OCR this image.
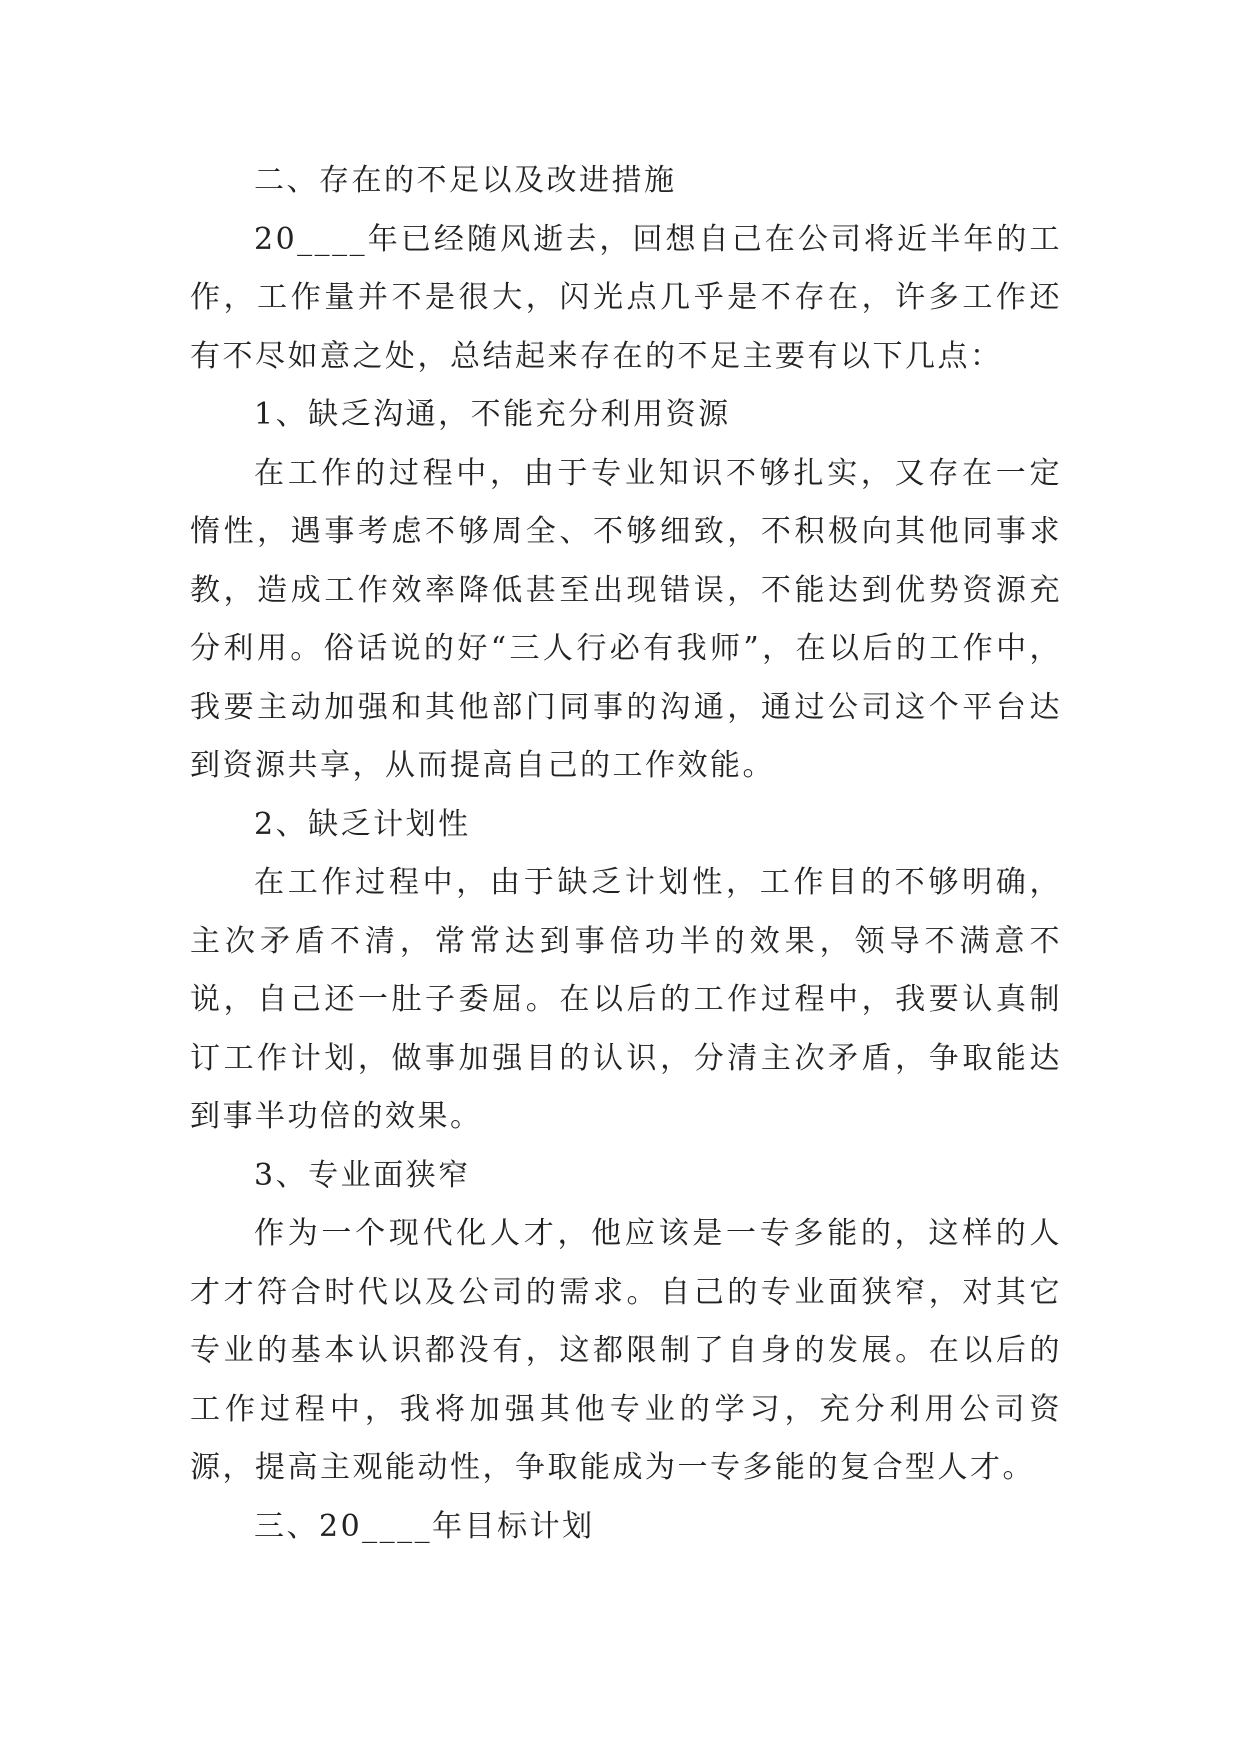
二、存在的不足以及改进措施

20____年已经随风逝去，回想自己在公司将近半年的工作，工作量并不是很大，闪光点几乎是不存在，许多工作还有不尽如意之处，总结起来存在的不足主要有以下几点：

1、缺乏沟通，不能充分利用资源

在工作的过程中，由于专业知识不够扎实，又存在一定惰性，遇事考虑不够周全、不够细致，不积极向其他同事求教，造成工作效率降低甚至出现错误，不能达到优势资源充分利用。俗话说的好“三人行必有我师”，在以后的工作中，我要主动加强和其他部门同事的沟通，通过公司这个平台达到资源共享，从而提高自己的工作效能。

2、缺乏计划性

在工作过程中，由于缺乏计划性，工作目的不够明确，主次矛盾不清，常常达到事倍功半的效果，领导不满意不说，自己还一肚子委屈。在以后的工作过程中，我要认真制订工作计划，做事加强目的认识，分清主次矛盾，争取能达到事半功倍的效果。

3、专业面狭窄

作为一个现代化人才，他应该是一专多能的，这样的人才才符合时代以及公司的需求。自己的专业面狭窄，对其它专业的基本认识都没有，这都限制了自身的发展。在以后的工作过程中，我将加强其他专业的学习，充分利用公司资源，提高主观能动性，争取能成为一专多能的复合型人才。

三、20____年目标计划
